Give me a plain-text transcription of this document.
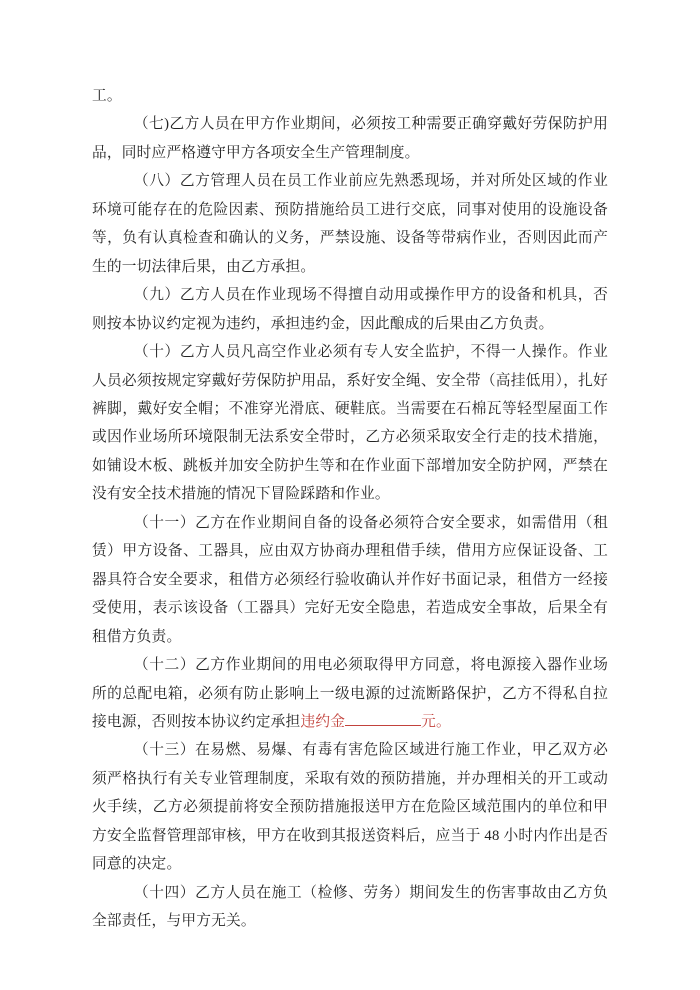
工。

（七)乙方人员在甲方作业期间，必须按工种需要正确穿戴好劳保防护用品，同时应严格遵守甲方各项安全生产管理制度。

（八）乙方管理人员在员工作业前应先熟悉现场，并对所处区域的作业环境可能存在的危险因素、预防措施给员工进行交底，同事对使用的设施设备等，负有认真检查和确认的义务，严禁设施、设备等带病作业，否则因此而产生的一切法律后果，由乙方承担。

（九）乙方人员在作业现场不得擅自动用或操作甲方的设备和机具，否则按本协议约定视为违约，承担违约金，因此酿成的后果由乙方负责。

（十）乙方人员凡高空作业必须有专人安全监护，不得一人操作。作业人员必须按规定穿戴好劳保防护用品，系好安全绳、安全带（高挂低用），扎好裤脚，戴好安全帽；不准穿光滑底、硬鞋底。当需要在石棉瓦等轻型屋面工作或因作业场所环境限制无法系安全带时，乙方必须采取安全行走的技术措施，如铺设木板、跳板并加安全防护生等和在作业面下部增加安全防护网，严禁在没有安全技术措施的情况下冒险踩踏和作业。

（十一）乙方在作业期间自备的设备必须符合安全要求，如需借用（租赁）甲方设备、工器具，应由双方协商办理租借手续，借用方应保证设备、工器具符合安全要求，租借方必须经行验收确认并作好书面记录，租借方一经接受使用，表示该设备（工器具）完好无安全隐患，若造成安全事故，后果全有租借方负责。

（十二）乙方作业期间的用电必须取得甲方同意，将电源接入器作业场所的总配电箱，必须有防止影响上一级电源的过流断路保护，乙方不得私自拉接电源，否则按本协议约定承担违约金	元。

（十三）在易燃、易爆、有毒有害危险区域进行施工作业，甲乙双方必须严格执行有关专业管理制度，采取有效的预防措施，并办理相关的开工或动火手续，乙方必须提前将安全预防措施报送甲方在危险区域范围内的单位和甲方安全监督管理部审核，甲方在收到其报送资料后，应当于 48 小时内作出是否同意的决定。

（十四）乙方人员在施工（检修、劳务）期间发生的伤害事故由乙方负全部责任，与甲方无关。
